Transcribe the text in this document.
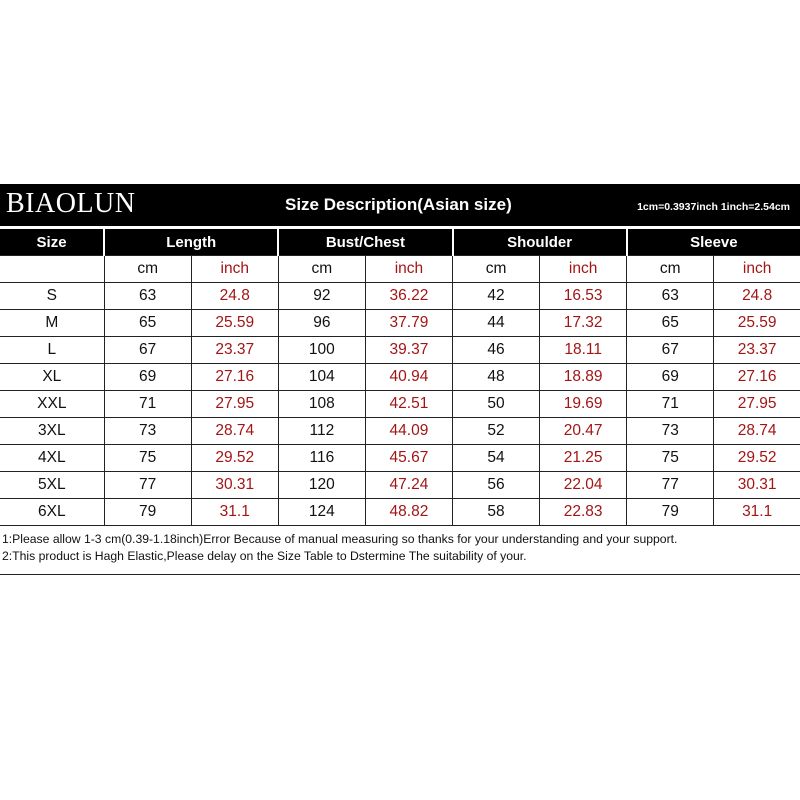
BIAOLUN	Size Description(Asian size)	1cm=0.3937inch 1inch=2.54cm
Size	Length		Bust/Chest		Shoulder		Sleeve	
	cm	inch	cm	inch	cm	inch	cm	inch
S	63	24.8	92	36.22	42	16.53	63	24.8
M	65	25.59	96	37.79	44	17.32	65	25.59
L	67	23.37	100	39.37	46	18.11	67	23.37
XL	69	27.16	104	40.94	48	18.89	69	27.16
XXL	71	27.95	108	42.51	50	19.69	71	27.95
3XL	73	28.74	112	44.09	52	20.47	73	28.74
4XL	75	29.52	116	45.67	54	21.25	75	29.52
5XL	77	30.31	120	47.24	56	22.04	77	30.31
6XL	79	31.1	124	48.82	58	22.83	79	31.1
1:Please allow 1-3 cm(0.39-1.18inch)Error Because of manual measuring so thanks for your understanding and your support.
2:This product is Hagh Elastic,Please delay on the Size Table to Dstermine The suitability of your.
